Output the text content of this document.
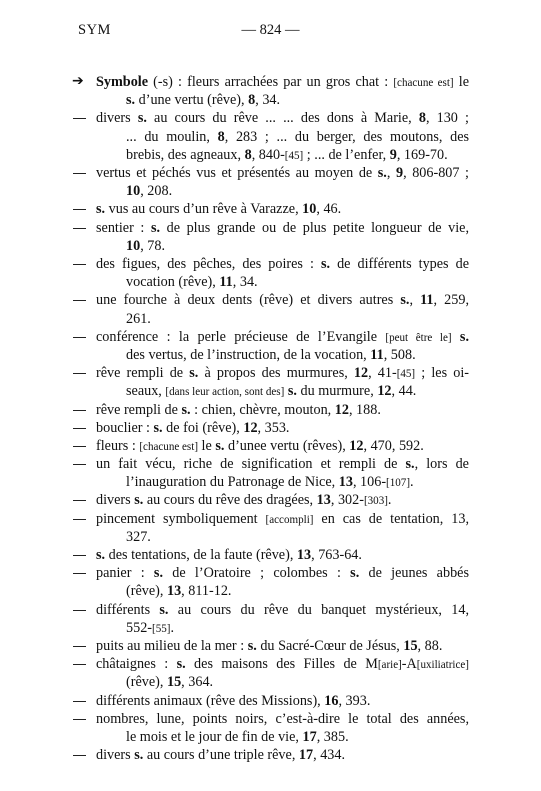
SYM	— 824 —
➔ Symbole (-s) : fleurs arrachées par un gros chat : [chacune est] le
s. d’une vertu (rêve), 8, 34.
divers s. au cours du rêve ... ... des dons à Marie, 8, 130 ;
... du moulin, 8, 283 ; ... du berger, des moutons, des
brebis, des agneaux, 8, 840-[45] ; ... de l’enfer, 9, 169-70.
vertus et péchés vus et présentés au moyen de s., 9, 806-807 ;
10, 208.
s. vus au cours d’un rêve à Varazze, 10, 46.
sentier : s. de plus grande ou de plus petite longueur de vie,
10, 78.
des figues, des pêches, des poires : s. de différents types de
vocation (rêve), 11, 34.
une fourche à deux dents (rêve) et divers autres s., 11, 259,
261.
conférence : la perle précieuse de l’Evangile [peut être le] s.
des vertus, de l’instruction, de la vocation, 11, 508.
rêve rempli de s. à propos des murmures, 12, 41-[45] ; les oi-
seaux, [dans leur action, sont des] s. du murmure, 12, 44.
rêve rempli de s. : chien, chèvre, mouton, 12, 188.
bouclier : s. de foi (rêve), 12, 353.
fleurs : [chacune est] le s. d’unee vertu (rêves), 12, 470, 592.
un fait vécu, riche de signification et rempli de s., lors de
l’inauguration du Patronage de Nice, 13, 106-[107].
divers s. au cours du rêve des dragées, 13, 302-[303].
pincement symboliquement [accompli] en cas de tentation, 13,
327.
s. des tentations, de la faute (rêve), 13, 763-64.
panier : s. de l’Oratoire ; colombes : s. de jeunes abbés
(rêve), 13, 811-12.
différents s. au cours du rêve du banquet mystérieux, 14,
552-[55].
puits au milieu de la mer : s. du Sacré-Cœur de Jésus, 15, 88.
châtaignes : s. des maisons des Filles de M[arie]-A[uxiliatrice]
(rêve), 15, 364.
différents animaux (rêve des Missions), 16, 393.
nombres, lune, points noirs, c’est-à-dire le total des années,
le mois et le jour de fin de vie, 17, 385.
divers s. au cours d’une triple rêve, 17, 434.
